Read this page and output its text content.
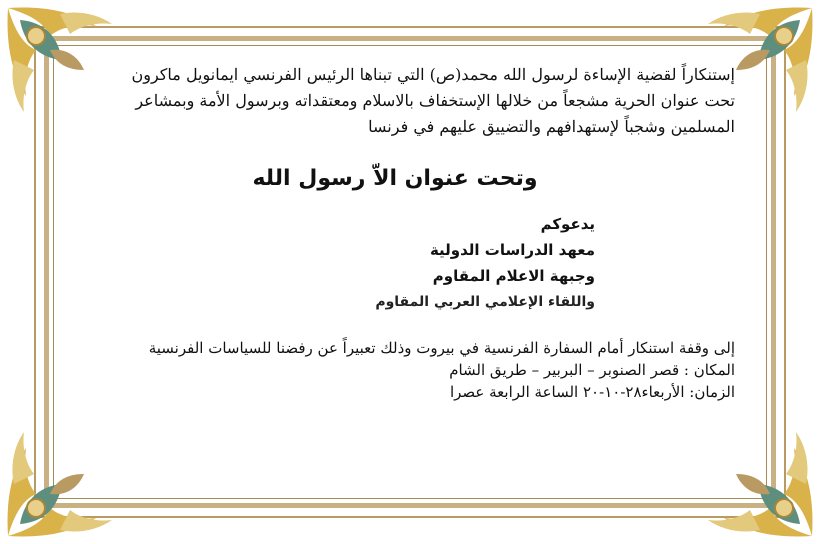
إستنكاراً لقضية الإساءة لرسول الله محمد(ص) التي تبناها الرئيس الفرنسي ايمانويل ماكرون

تحت عنوان الحرية مشجعاً من خلالها الإستخفاف بالاسلام ومعتقداته وبرسول الأمة وبمشاعر

المسلمين وشجباً لإستهدافهم والتضييق عليهم في فرنسا

وتحت عنوان الاّ رسول الله
يدعوكم
معهد الدراسات الدولية
وجبهة الاعلام المقاوم
واللقاء الإعلامي العربي المقاوم

إلى وقفة استنكار أمام السفارة الفرنسية في بيروت وذلك تعبيراً عن رفضنا للسياسات الفرنسية

المكان : قصر الصنوبر – البربير – طريق الشام

الزمان: الأربعاء٢٨-١٠-٢٠ الساعة الرابعة عصرا
